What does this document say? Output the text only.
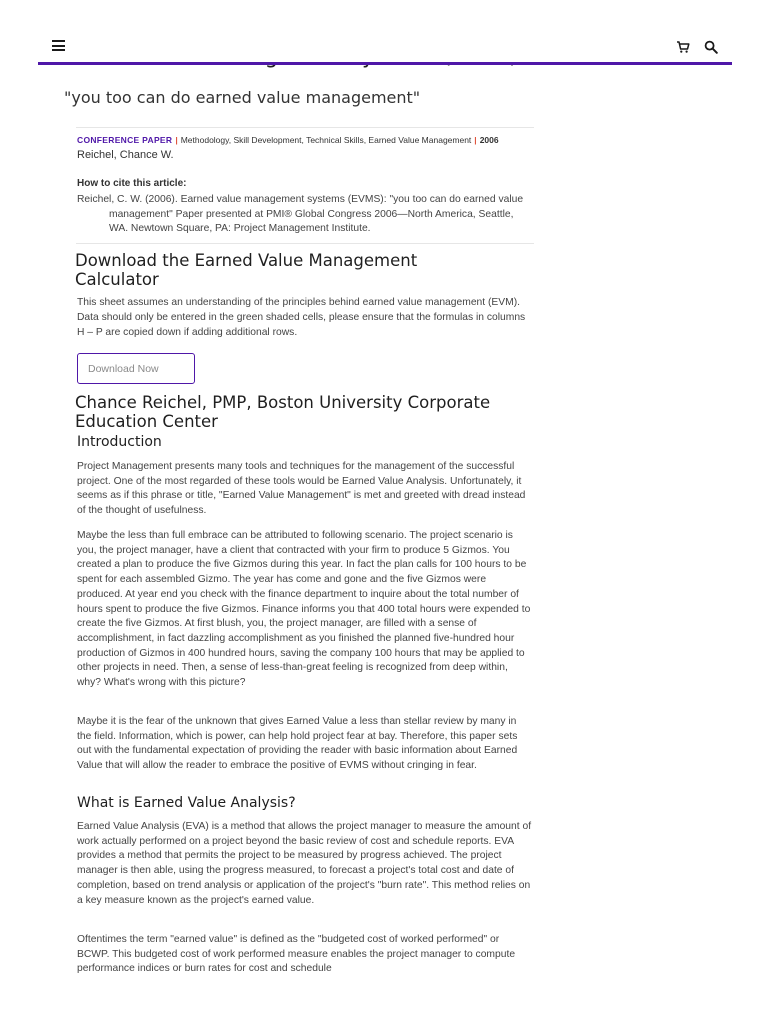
"you too can do earned value management"
CONFERENCE PAPER | Methodology, Skill Development, Technical Skills, Earned Value Management | 2006
Reichel, Chance W.
How to cite this article:

Reichel, C. W. (2006). Earned value management systems (EVMS): "you too can do earned value management" Paper presented at PMI® Global Congress 2006—North America, Seattle, WA. Newtown Square, PA: Project Management Institute.

Download the Earned Value Management Calculator

This sheet assumes an understanding of the principles behind earned value management (EVM). Data should only be entered in the green shaded cells, please ensure that the formulas in columns H – P are copied down if adding additional rows.

Download Now
Chance Reichel, PMP, Boston University Corporate Education Center
Introduction

Project Management presents many tools and techniques for the management of the successful project. One of the most regarded of these tools would be Earned Value Analysis. Unfortunately, it seems as if this phrase or title, "Earned Value Management" is met and greeted with dread instead of the thought of usefulness.

Maybe the less than full embrace can be attributed to following scenario. The project scenario is you, the project manager, have a client that contracted with your firm to produce 5 Gizmos. You created a plan to produce the five Gizmos during this year. In fact the plan calls for 100 hours to be spent for each assembled Gizmo. The year has come and gone and the five Gizmos were produced. At year end you check with the finance department to inquire about the total number of hours spent to produce the five Gizmos. Finance informs you that 400 total hours were expended to create the five Gizmos. At first blush, you, the project manager, are filled with a sense of accomplishment, in fact dazzling accomplishment as you finished the planned five-hundred hour production of Gizmos in 400 hundred hours, saving the company 100 hours that may be applied to other projects in need. Then, a sense of less-than-great feeling is recognized from deep within, why? What's wrong with this picture?

Maybe it is the fear of the unknown that gives Earned Value a less than stellar review by many in the field. Information, which is power, can help hold project fear at bay. Therefore, this paper sets out with the fundamental expectation of providing the reader with basic information about Earned Value that will allow the reader to embrace the positive of EVMS without cringing in fear.

What is Earned Value Analysis?

Earned Value Analysis (EVA) is a method that allows the project manager to measure the amount of work actually performed on a project beyond the basic review of cost and schedule reports. EVA provides a method that permits the project to be measured by progress achieved. The project manager is then able, using the progress measured, to forecast a project's total cost and date of completion, based on trend analysis or application of the project's "burn rate". This method relies on a key measure known as the project's earned value.

Oftentimes the term "earned value" is defined as the "budgeted cost of worked performed" or BCWP. This budgeted cost of work performed measure enables the project manager to compute performance indices or burn rates for cost and schedule
